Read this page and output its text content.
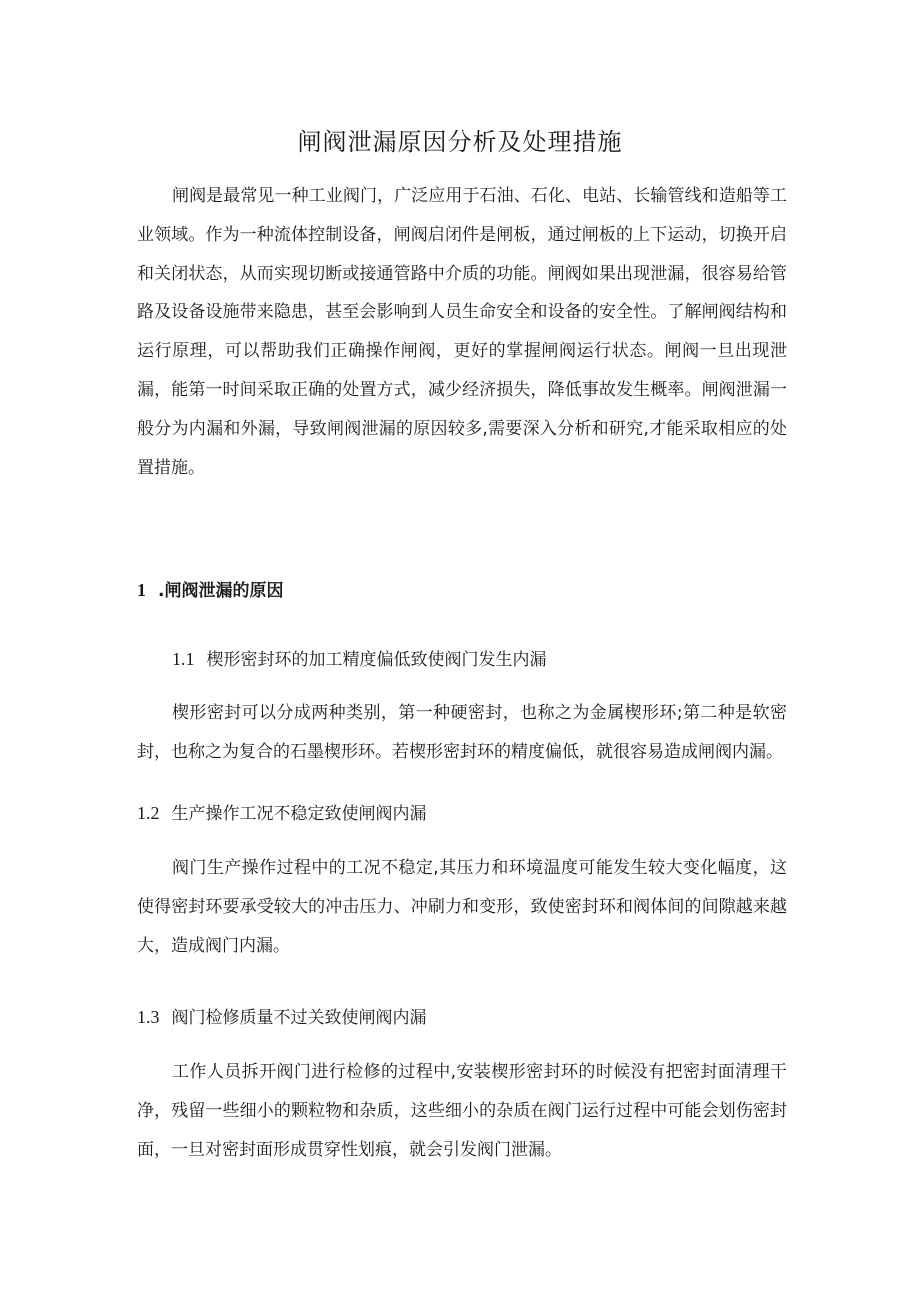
闸阀泄漏原因分析及处理措施

闸阀是最常见一种工业阀门，广泛应用于石油、石化、电站、长输管线和造船等工业领域。作为一种流体控制设备，闸阀启闭件是闸板，通过闸板的上下运动，切换开启和关闭状态，从而实现切断或接通管路中介质的功能。闸阀如果出现泄漏，很容易给管路及设备设施带来隐患，甚至会影响到人员生命安全和设备的安全性。了解闸阀结构和运行原理，可以帮助我们正确操作闸阀，更好的掌握闸阀运行状态。闸阀一旦出现泄漏，能第一时间采取正确的处置方式，减少经济损失，降低事故发生概率。闸阀泄漏一般分为内漏和外漏，导致闸阀泄漏的原因较多,需要深入分析和研究,才能采取相应的处置措施。

1 .闸阀泄漏的原因
1.1 楔形密封环的加工精度偏低致使阀门发生内漏

楔形密封可以分成两种类别，第一种硬密封，也称之为金属楔形环;第二种是软密封，也称之为复合的石墨楔形环。若楔形密封环的精度偏低，就很容易造成闸阀内漏。

1.2 生产操作工况不稳定致使闸阀内漏

阀门生产操作过程中的工况不稳定,其压力和环境温度可能发生较大变化幅度，这使得密封环要承受较大的冲击压力、冲刷力和变形，致使密封环和阀体间的间隙越来越大，造成阀门内漏。

1.3 阀门检修质量不过关致使闸阀内漏

工作人员拆开阀门进行检修的过程中,安装楔形密封环的时候没有把密封面清理干净，残留一些细小的颗粒物和杂质，这些细小的杂质在阀门运行过程中可能会划伤密封面，一旦对密封面形成贯穿性划痕，就会引发阀门泄漏。
